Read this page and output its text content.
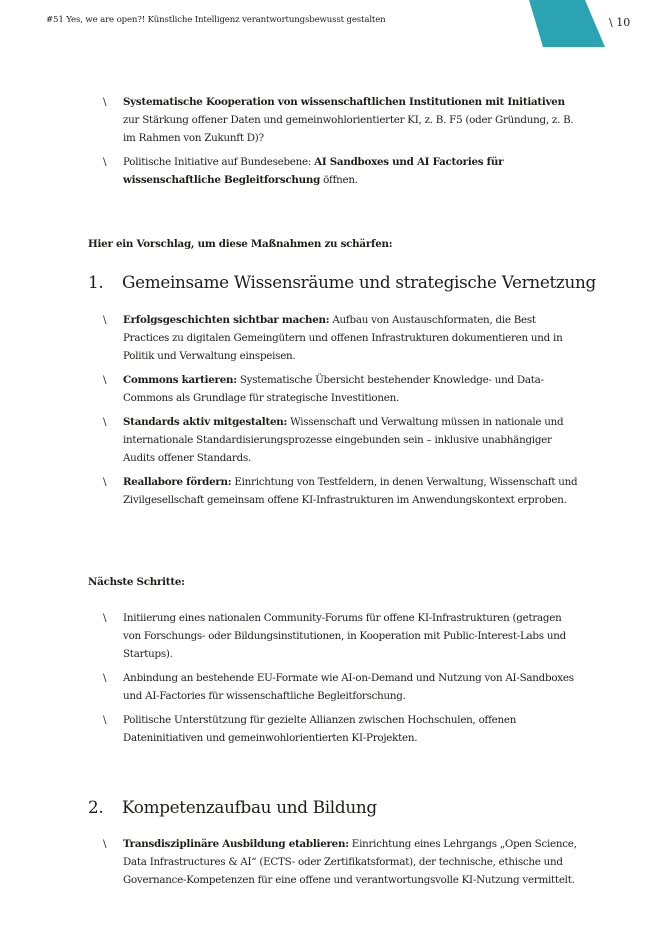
#51 Yes, we are open?! Künstliche Intelligenz verantwortungsbewusst gestalten	\ 10
\ Systematische Kooperation von wissenschaftlichen Institutionen mit Initiativen zur Stärkung offener Daten und gemeinwohlorientierter KI, z. B. F5 (oder Gründung, z. B. im Rahmen von Zukunft D)?
\ Politische Initiative auf Bundesebene: AI Sandboxes und AI Factories für wissenschaftliche Begleitforschung öffnen.
Hier ein Vorschlag, um diese Maßnahmen zu schärfen:
1. Gemeinsame Wissensräume und strategische Vernetzung
\ Erfolgsgeschichten sichtbar machen: Aufbau von Austauschformaten, die Best Practices zu digitalen Gemeingütern und offenen Infrastrukturen dokumentieren und in Politik und Verwaltung einspeisen.
\ Commons kartieren: Systematische Übersicht bestehender Knowledge- und Data-Commons als Grundlage für strategische Investitionen.
\ Standards aktiv mitgestalten: Wissenschaft und Verwaltung müssen in nationale und internationale Standardisierungsprozesse eingebunden sein – inklusive unabhängiger Audits offener Standards.
\ Reallabore fördern: Einrichtung von Testfeldern, in denen Verwaltung, Wissenschaft und Zivilgesellschaft gemeinsam offene KI-Infrastrukturen im Anwendungskontext erproben.
Nächste Schritte:
\ Initiierung eines nationalen Community-Forums für offene KI-Infrastrukturen (getragen von Forschungs- oder Bildungsinstitutionen, in Kooperation mit Public-Interest-Labs und Startups).
\ Anbindung an bestehende EU-Formate wie AI-on-Demand und Nutzung von AI-Sandboxes und AI-Factories für wissenschaftliche Begleitforschung.
\ Politische Unterstützung für gezielte Allianzen zwischen Hochschulen, offenen Dateninitiativen und gemeinwohlorientierten KI-Projekten.
2. Kompetenzaufbau und Bildung
\ Transdisziplinäre Ausbildung etablieren: Einrichtung eines Lehrgangs „Open Science, Data Infrastructures & AI“ (ECTS- oder Zertifikatsformat), der technische, ethische und Governance-Kompetenzen für eine offene und verantwortungsvolle KI-Nutzung vermittelt.
